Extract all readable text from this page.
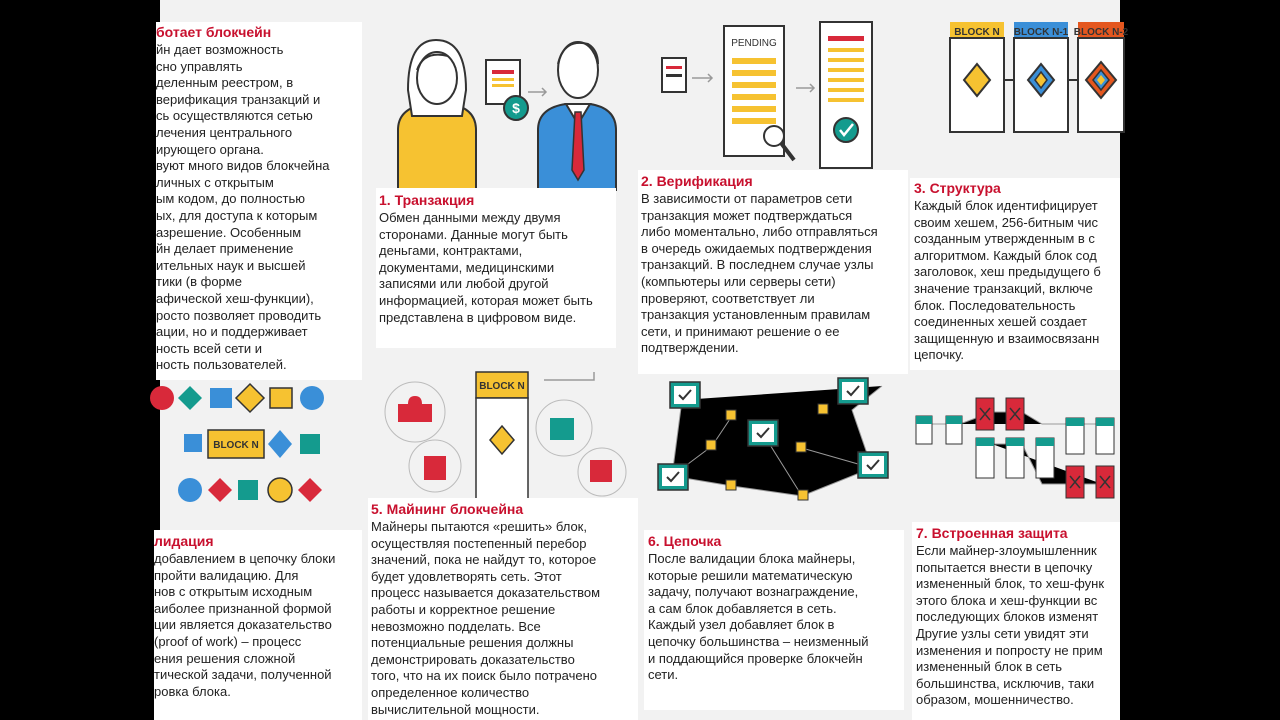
ботает блокчейн
йн дает возможность
сно управлять
деленным реестром, в
верификация транзакций и
сь осуществляются сетью
лечения центрального
ирующего органа.
вуют много видов блокчейна
личных с открытым
ым кодом, до полностью
ых, для доступа к которым
азрешение. Особенным
йн делает применение
ительных наук и высшей
тики (в форме
афической хеш-функции),
росто позволяет проводить
ации, но и поддерживает
ность всей сети и
ность пользователей.
$
PENDING
BLOCK N BLOCK N-1 BLOCK N-2
1. Транзакция
Обмен данными между двумя
сторонами. Данные могут быть
деньгами, контрактами,
документами, медицинскими
записями или любой другой
информацией, которая может быть
представлена в цифровом виде.
2. Верификация
В зависимости от параметров сети
транзакция может подтверждаться
либо моментально, либо отправляться
в очередь ожидаемых подтверждения
транзакций. В последнем случае узлы
(компьютеры или серверы сети)
проверяют, соответствует ли
транзакция установленным правилам
сети, и принимают решение о ее
подтверждении.
3. Структура
Каждый блок идентифицирует
своим хешем, 256-битным чис
созданным утвержденным в с
алгоритмом. Каждый блок сод
заголовок, хеш предыдущего б
значение транзакций, включе
блок. Последовательность
соединенных хешей создает
защищенную и взаимосвязанн
цепочку.
BLOCK N
BLOCK N
лидация
добавлением в цепочку блоки
пройти валидацию. Для
нов с открытым исходным
аиболее признанной формой
ции является доказательство
(proof of work) – процесс
ения решения сложной
тической задачи, полученной
ровка блока.
5. Майнинг блокчейна
Майнеры пытаются «решить» блок,
осуществляя постепенный перебор
значений, пока не найдут то, которое
будет удовлетворять сеть. Этот
процесс называется доказательством
работы и корректное решение
невозможно подделать. Все
потенциальные решения должны
демонстрировать доказательство
того, что на их поиск было потрачено
определенное количество
вычислительной мощности.
6. Цепочка
После валидации блока майнеры,
которые решили математическую
задачу, получают вознаграждение,
а сам блок добавляется в сеть.
Каждый узел добавляет блок в
цепочку большинства – неизменный
и поддающийся проверке блокчейн
сети.
7. Встроенная защита
Если майнер-злоумышленник
попытается внести в цепочку
измененный блок, то хеш-функ
этого блока и хеш-функции вс
последующих блоков изменят
Другие узлы сети увидят эти
изменения и попросту не прим
измененный блок в сеть
большинства, исключив, таки
образом, мошенничество.
